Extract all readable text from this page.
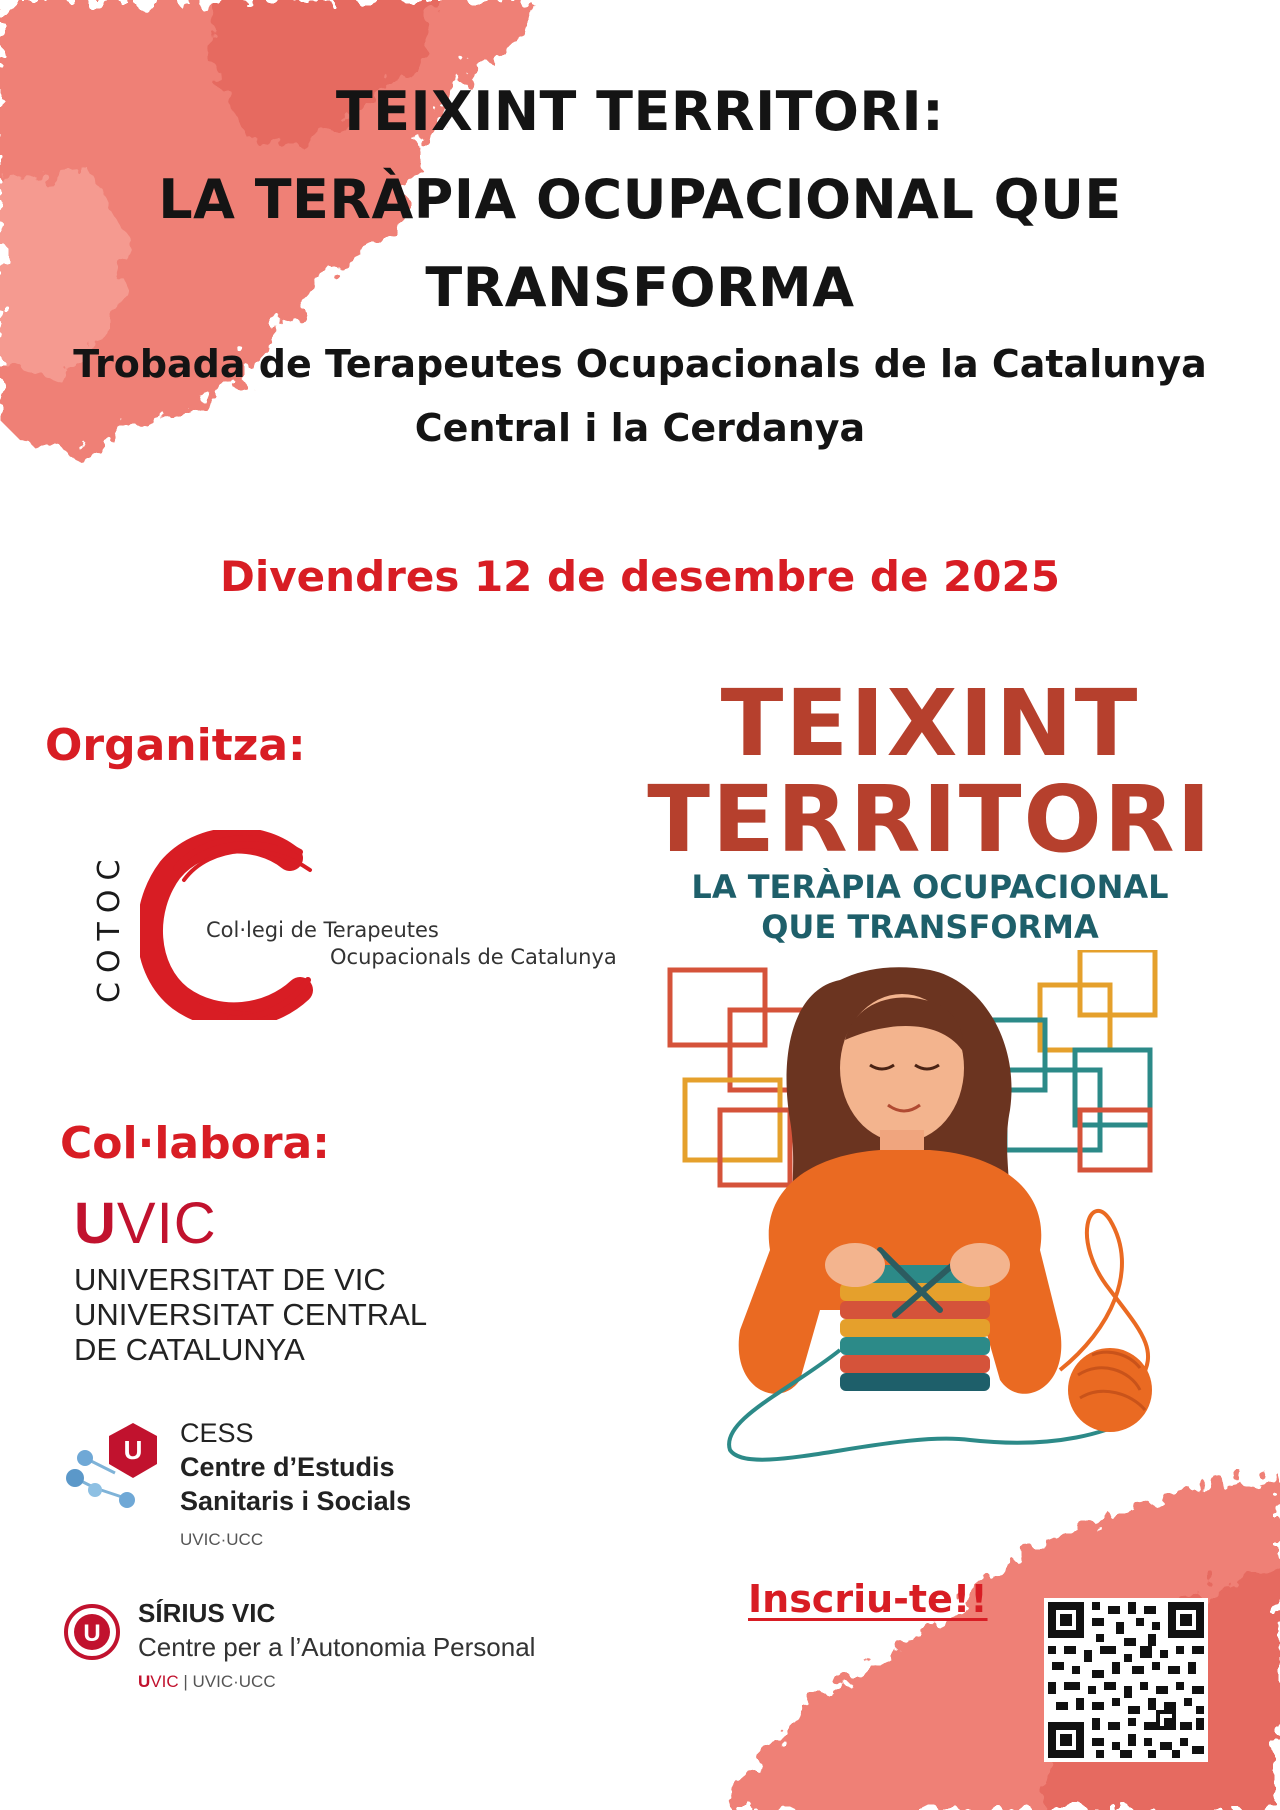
TEIXINT TERRITORI:
LA TERÀPIA OCUPACIONAL QUE
TRANSFORMA

Trobada de Terapeutes Ocupacionals de la Catalunya

Central i la Cerdanya

Divendres 12 de desembre de 2025

Organitza:

COTOC	Col·legi de Terapeutes
Ocupacionals de Catalunya

Col·labora:

UVIC
UNIVERSITAT DE VIC
UNIVERSITAT CENTRAL
DE CATALUNYA
U
CESS
Centre d’Estudis
Sanitaris i Socials
UVIC·UCC
U
SÍRIUS VIC
Centre per a l’Autonomia Personal
UVIC | UVIC·UCC
TEIXINT
TERRITORI
LA TERÀPIA OCUPACIONAL
QUE TRANSFORMA
Inscriu-te!!
